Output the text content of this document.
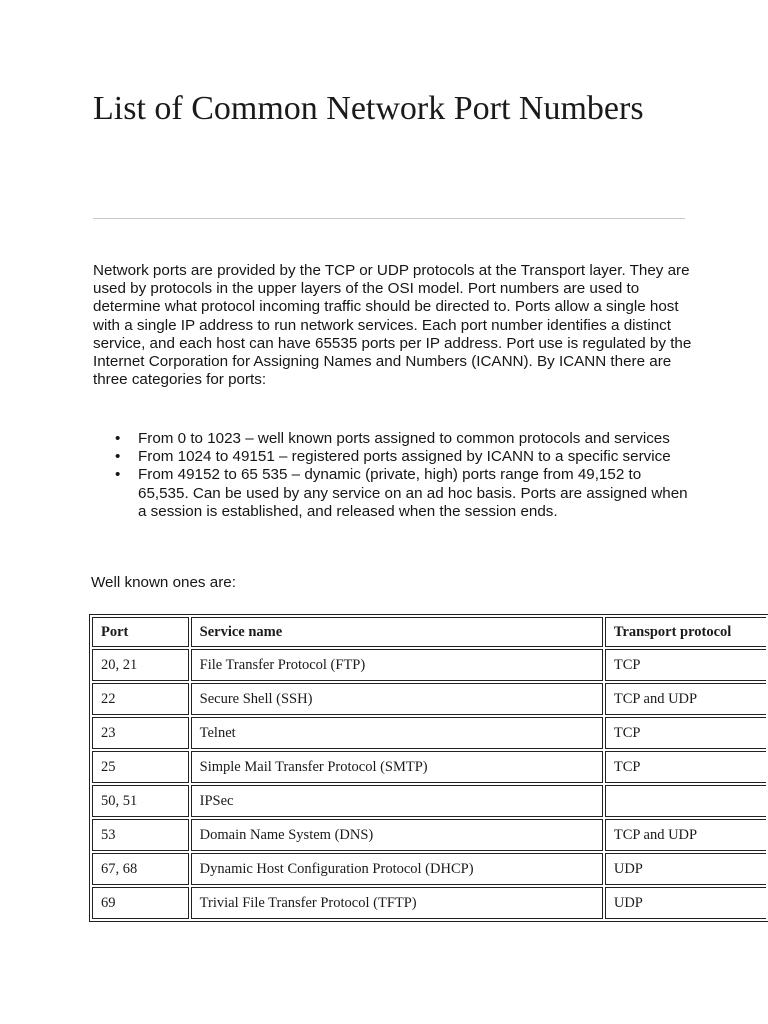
List of Common Network Port Numbers

Network ports are provided by the TCP or UDP protocols at the Transport layer. They are used by protocols in the upper layers of the OSI model. Port numbers are used to determine what protocol incoming traffic should be directed to. Ports allow a single host with a single IP address to run network services. Each port number identifies a distinct service, and each host can have 65535 ports per IP address. Port use is regulated by the Internet Corporation for Assigning Names and Numbers (ICANN). By ICANN there are three categories for ports:

• From 0 to 1023 – well known ports assigned to common protocols and services
• From 1024 to 49151 – registered ports assigned by ICANN to a specific service
• From 49152 to 65 535 – dynamic (private, high) ports range from 49,152 to 65,535. Can be used by any service on an ad hoc basis. Ports are assigned when a session is established, and released when the session ends.

Well known ones are:

Port	Service name	Transport protocol
20, 21	File Transfer Protocol (FTP)	TCP
22	Secure Shell (SSH)	TCP and UDP
23	Telnet	TCP
25	Simple Mail Transfer Protocol (SMTP)	TCP
50, 51	IPSec	
53	Domain Name System (DNS)	TCP and UDP
67, 68	Dynamic Host Configuration Protocol (DHCP)	UDP
69	Trivial File Transfer Protocol (TFTP)	UDP
